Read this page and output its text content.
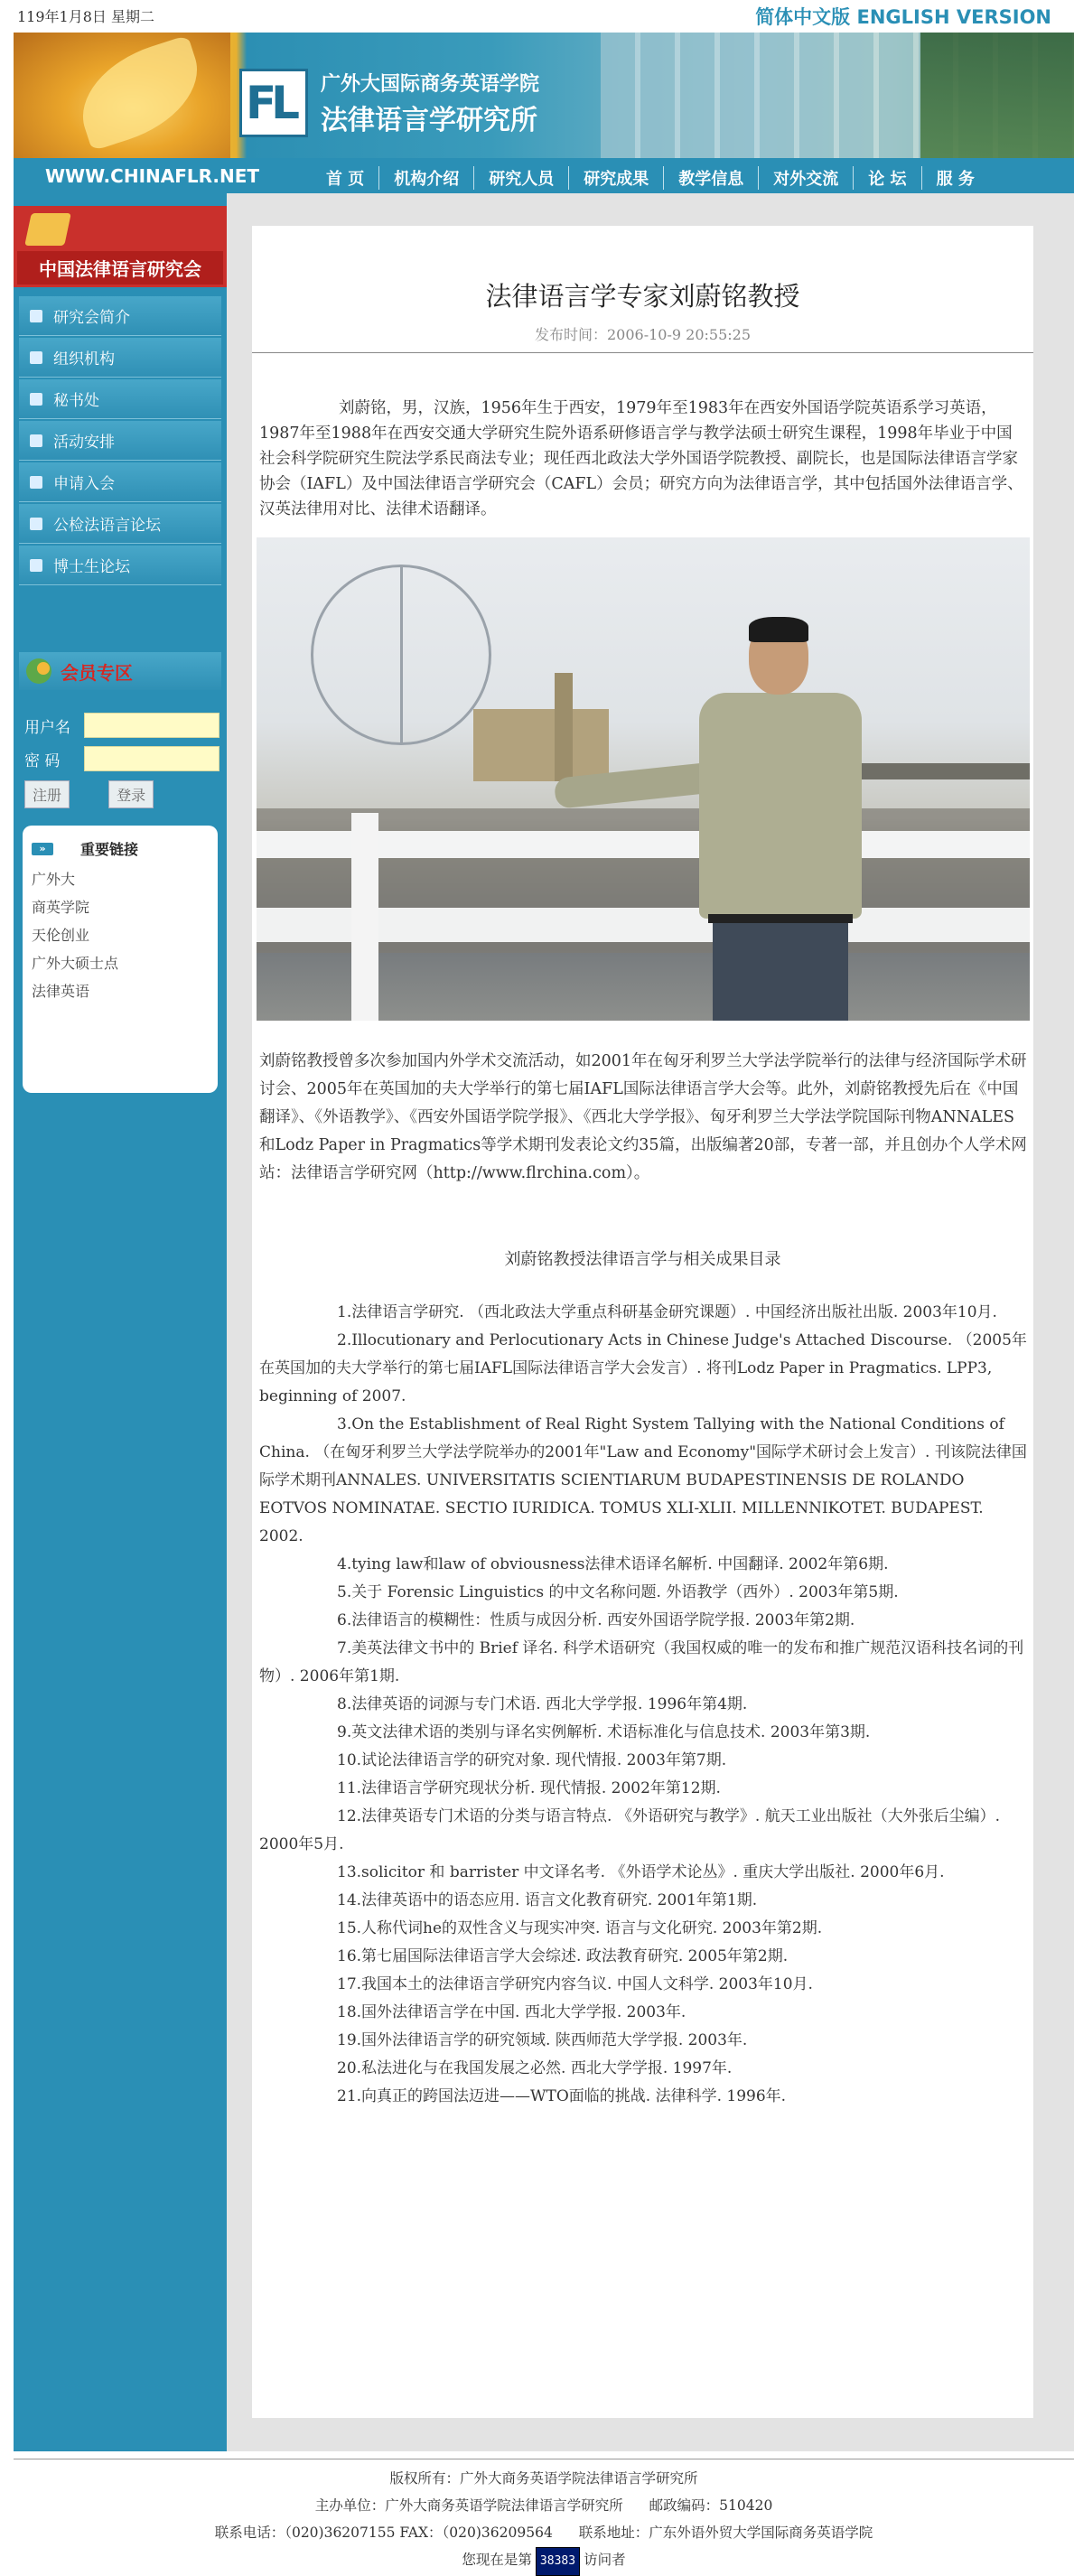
119年1月8日 星期二	简体中文版 ENGLISH VERSION
FL 广外大国际商务英语学院
法律语言学研究所
WWW.CHINAFLR.NET	首 页	机构介绍	研究人员	研究成果	教学信息	对外交流	论 坛	服 务
中国法律语言研究会
研究会简介
组织机构
秘书处
活动安排
申请入会
公检法语言论坛
博士生论坛
会员专区
用户名
密 码
注册	登录
»	重要链接
广外大
商英学院
天伦创业
广外大硕士点
法律英语
法律语言学专家刘蔚铭教授
发布时间：2006-10-9 20:55:25
刘蔚铭，男，汉族，1956年生于西安，1979年至1983年在西安外国语学院英语系学习英语，1987年至1988年在西安交通大学研究生院外语系研修语言学与教学法硕士研究生课程，1998年毕业于中国社会科学院研究生院法学系民商法专业；现任西北政法大学外国语学院教授、副院长，也是国际法律语言学家协会（IAFL）及中国法律语言学研究会（CAFL）会员；研究方向为法律语言学，其中包括国外法律语言学、汉英法律用对比、法律术语翻译。
刘蔚铭教授曾多次参加国内外学术交流活动，如2001年在匈牙利罗兰大学法学院举行的法律与经济国际学术研讨会、2005年在英国加的夫大学举行的第七届IAFL国际法律语言学大会等。此外，刘蔚铭教授先后在《中国翻译》、《外语教学》、《西安外国语学院学报》、《西北大学学报》、匈牙利罗兰大学法学院国际刊物ANNALES和Lodz Paper in Pragmatics等学术期刊发表论文约35篇，出版编著20部，专著一部，并且创办个人学术网站：法律语言学研究网（http://www.flrchina.com）。
刘蔚铭教授法律语言学与相关成果目录
1.法律语言学研究. （西北政法大学重点科研基金研究课题）. 中国经济出版社出版. 2003年10月.
2.Illocutionary and Perlocutionary Acts in Chinese Judge's Attached Discourse. （2005年在英国加的夫大学举行的第七届IAFL国际法律语言学大会发言）. 将刊Lodz Paper in Pragmatics. LPP3, beginning of 2007.
3.On the Establishment of Real Right System Tallying with the National Conditions of China. （在匈牙利罗兰大学法学院举办的2001年"Law and Economy"国际学术研讨会上发言）. 刊该院法律国际学术期刊ANNALES. UNIVERSITATIS SCIENTIARUM BUDAPESTINENSIS DE ROLANDO EOTVOS NOMINATAE. SECTIO IURIDICA. TOMUS XLI-XLII. MILLENNIKOTET. BUDAPEST. 2002.
4.tying law和law of obviousness法律术语译名解析. 中国翻译. 2002年第6期.
5.关于 Forensic Linguistics 的中文名称问题. 外语教学（西外）. 2003年第5期.
6.法律语言的模糊性：性质与成因分析. 西安外国语学院学报. 2003年第2期.
7.美英法律文书中的 Brief 译名. 科学术语研究（我国权威的唯一的发布和推广规范汉语科技名词的刊物）. 2006年第1期.
8.法律英语的词源与专门术语. 西北大学学报. 1996年第4期.
9.英文法律术语的类别与译名实例解析. 术语标准化与信息技术. 2003年第3期.
10.试论法律语言学的研究对象. 现代情报. 2003年第7期.
11.法律语言学研究现状分析. 现代情报. 2002年第12期.
12.法律英语专门术语的分类与语言特点. 《外语研究与教学》. 航天工业出版社（大外张后尘编）. 2000年5月.
13.solicitor 和 barrister 中文译名考. 《外语学术论丛》. 重庆大学出版社. 2000年6月.
14.法律英语中的语态应用. 语言文化教育研究. 2001年第1期.
15.人称代词he的双性含义与现实冲突. 语言与文化研究. 2003年第2期.
16.第七届国际法律语言学大会综述. 政法教育研究. 2005年第2期.
17.我国本土的法律语言学研究内容刍议. 中国人文科学. 2003年10月.
18.国外法律语言学在中国. 西北大学学报. 2003年.
19.国外法律语言学的研究领域. 陕西师范大学学报. 2003年.
20.私法进化与在我国发展之必然. 西北大学学报. 1997年.
21.向真正的跨国法迈进——WTO面临的挑战. 法律科学. 1996年.
版权所有：广外大商务英语学院法律语言学研究所
主办单位：广外大商务英语学院法律语言学研究所 邮政编码：510420
联系电话：（020)36207155 FAX：（020)36209564 联系地址：广东外语外贸大学国际商务英语学院
您现在是第 38383 访问者
